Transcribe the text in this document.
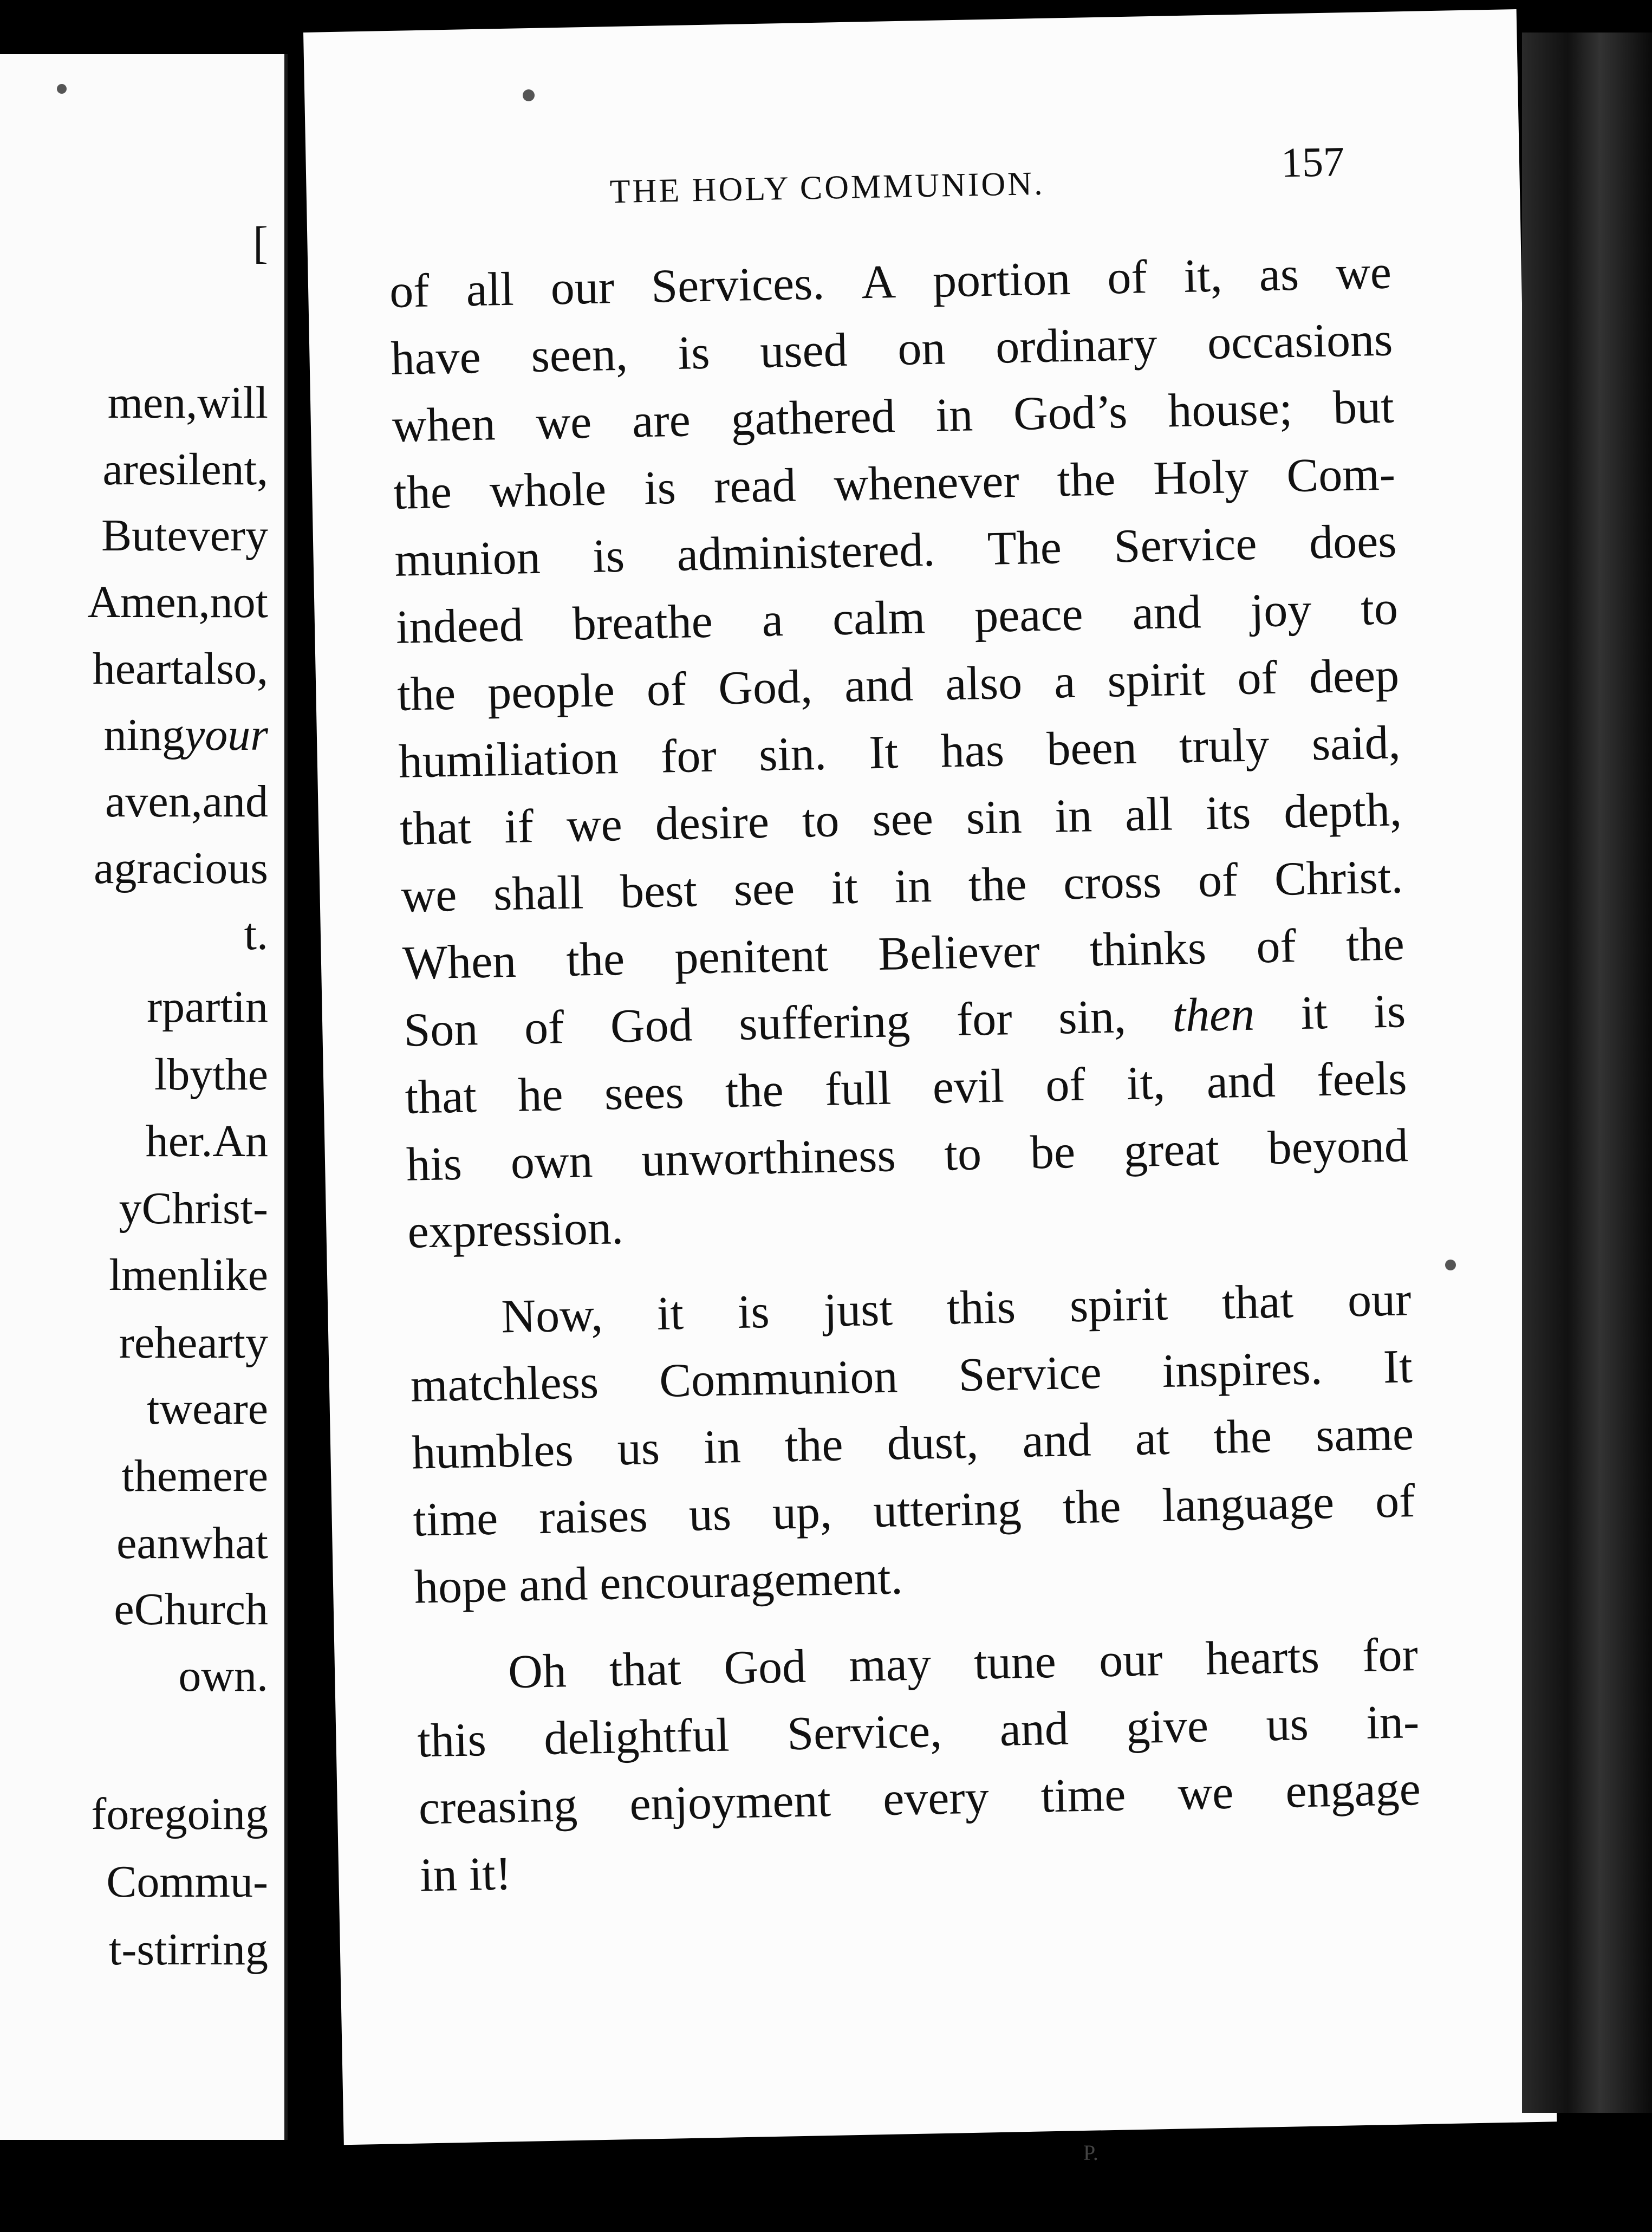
[
men, will
are silent,
But every
Amen, not
heart also,
ning your
aven, and
a gracious
t.
r part in
l by the
her. An
y Christ-
lmen like
re hearty
t we are
the mere
ean what
e Church
own.
foregoing
Commu-
t-stirring
THE HOLY COMMUNION.
157
of all our Services. A portion of it, as we
have seen, is used on ordinary occasions
when we are gathered in God’s house; but
the whole is read whenever the Holy Com-
munion is administered. The Service does
indeed breathe a calm peace and joy to
the people of God, and also a spirit of deep
humiliation for sin. It has been truly said,
that if we desire to see sin in all its depth,
we shall best see it in the cross of Christ.
When the penitent Believer thinks of the
Son of God suffering for sin, then it is
that he sees the full evil of it, and feels
his own unworthiness to be great beyond
expression.
Now, it is just this spirit that our
matchless Communion Service inspires. It
humbles us in the dust, and at the same
time raises us up, uttering the language of
hope and encouragement.
Oh that God may tune our hearts for
this delightful Service, and give us in-
creasing enjoyment every time we engage
in it!
P.
